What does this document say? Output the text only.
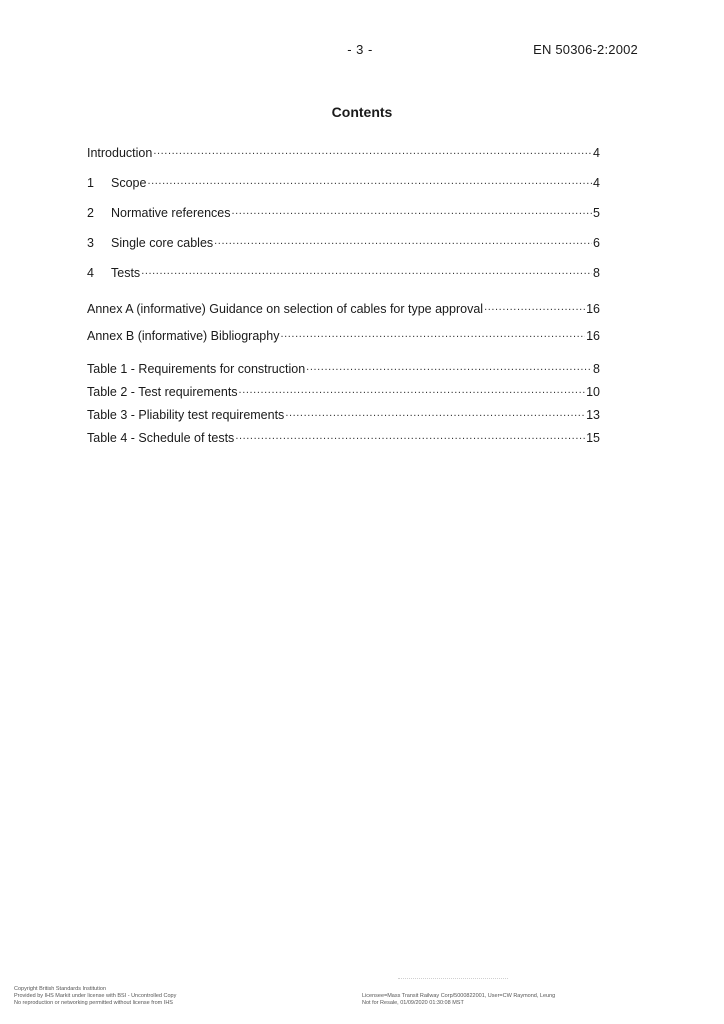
- 3 -	EN 50306-2:2002
Contents
Introduction .....	4
1	Scope .....	4
2	Normative references .....	5
3	Single core cables .....	6
4	Tests .....	8
Annex A (informative) Guidance on selection of cables for type approval .....	16
Annex B (informative) Bibliography .....	16
Table 1 - Requirements for construction .....	8
Table 2 - Test requirements .....	10
Table 3 - Pliability test requirements .....	13
Table 4 - Schedule of tests .....	15
Copyright British Standards Institution
Provided by IHS Markit under license with BSI - Uncontrolled Copy
No reproduction or networking permitted without license from IHS
Licensee=Mass Transit Railway Corp/5000822001, User=CW Raymond, Leung
Not for Resale, 01/09/2020 01:30:08 MST
